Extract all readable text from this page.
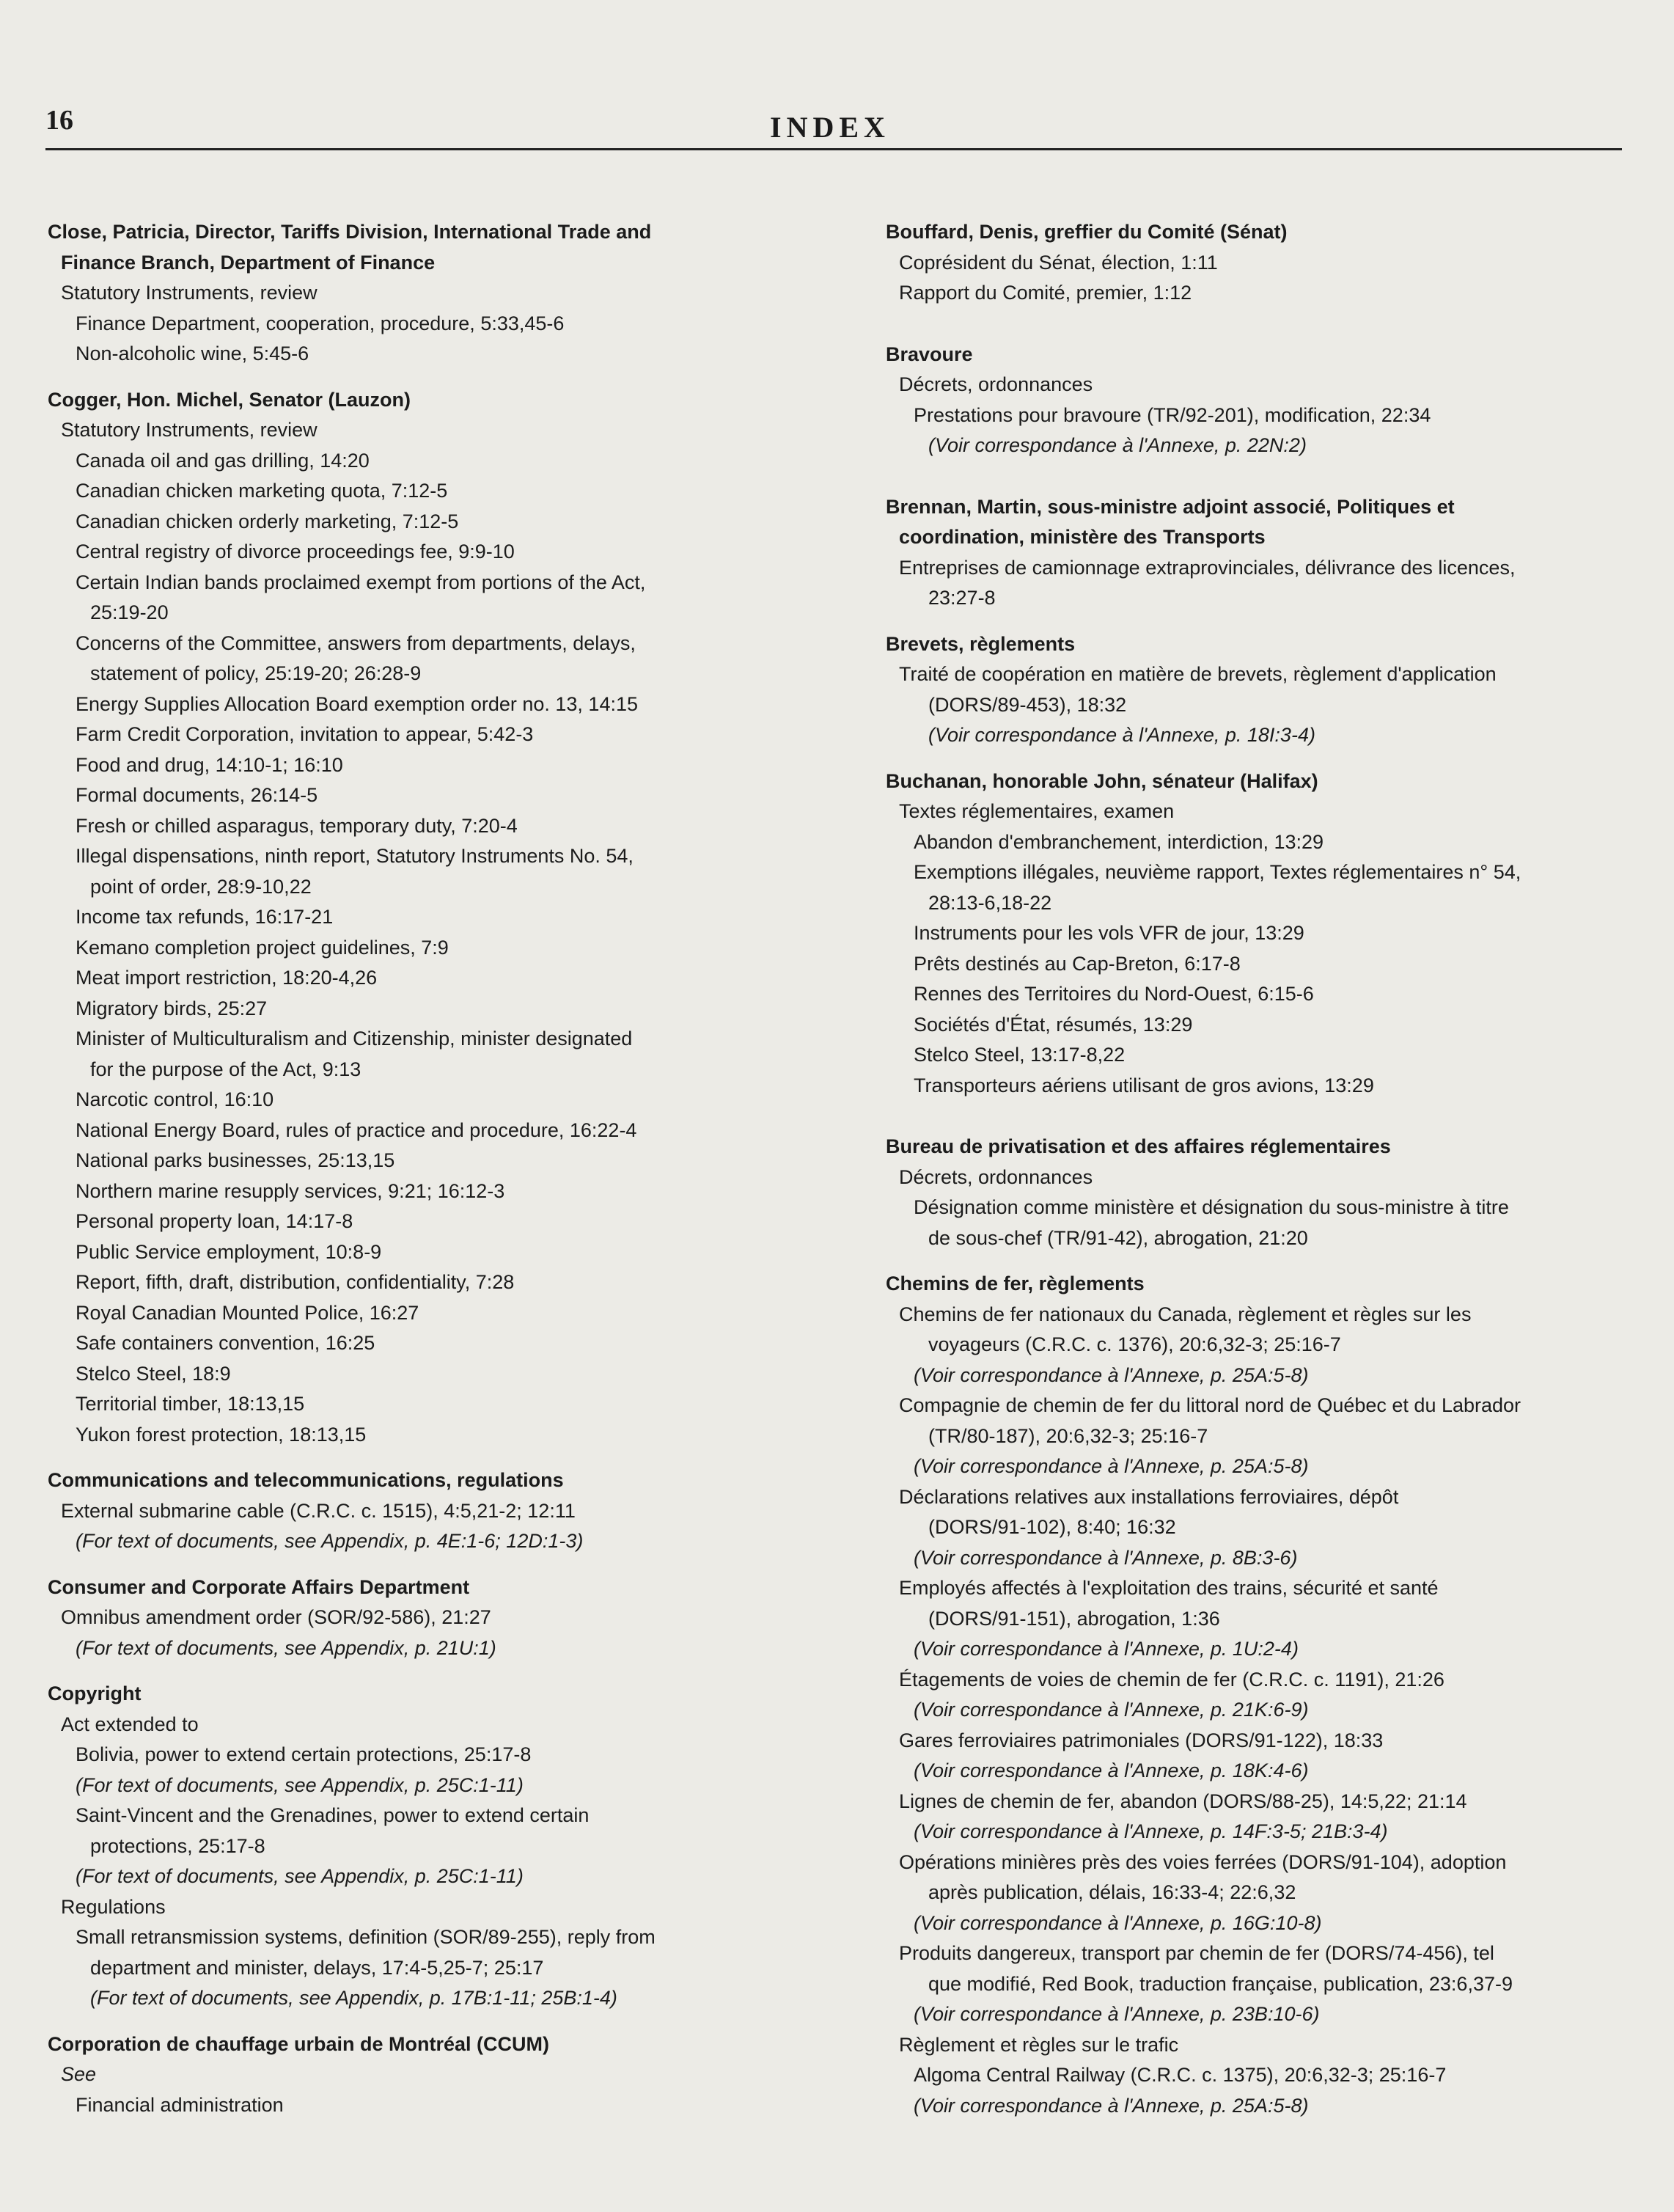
16	INDEX
Close, Patricia, Director, Tariffs Division, International Trade and
Finance Branch, Department of Finance
Statutory Instruments, review
Finance Department, cooperation, procedure, 5:33,45-6
Non-alcoholic wine, 5:45-6
Cogger, Hon. Michel, Senator (Lauzon)
Statutory Instruments, review
Canada oil and gas drilling, 14:20
Canadian chicken marketing quota, 7:12-5
Canadian chicken orderly marketing, 7:12-5
Central registry of divorce proceedings fee, 9:9-10
Certain Indian bands proclaimed exempt from portions of the Act,
25:19-20
Concerns of the Committee, answers from departments, delays,
statement of policy, 25:19-20; 26:28-9
Energy Supplies Allocation Board exemption order no. 13, 14:15
Farm Credit Corporation, invitation to appear, 5:42-3
Food and drug, 14:10-1; 16:10
Formal documents, 26:14-5
Fresh or chilled asparagus, temporary duty, 7:20-4
Illegal dispensations, ninth report, Statutory Instruments No. 54,
point of order, 28:9-10,22
Income tax refunds, 16:17-21
Kemano completion project guidelines, 7:9
Meat import restriction, 18:20-4,26
Migratory birds, 25:27
Minister of Multiculturalism and Citizenship, minister designated
for the purpose of the Act, 9:13
Narcotic control, 16:10
National Energy Board, rules of practice and procedure, 16:22-4
National parks businesses, 25:13,15
Northern marine resupply services, 9:21; 16:12-3
Personal property loan, 14:17-8
Public Service employment, 10:8-9
Report, fifth, draft, distribution, confidentiality, 7:28
Royal Canadian Mounted Police, 16:27
Safe containers convention, 16:25
Stelco Steel, 18:9
Territorial timber, 18:13,15
Yukon forest protection, 18:13,15
Communications and telecommunications, regulations
External submarine cable (C.R.C. c. 1515), 4:5,21-2; 12:11
(For text of documents, see Appendix, p. 4E:1-6; 12D:1-3)
Consumer and Corporate Affairs Department
Omnibus amendment order (SOR/92-586), 21:27
(For text of documents, see Appendix, p. 21U:1)
Copyright
Act extended to
Bolivia, power to extend certain protections, 25:17-8
(For text of documents, see Appendix, p. 25C:1-11)
Saint-Vincent and the Grenadines, power to extend certain
protections, 25:17-8
(For text of documents, see Appendix, p. 25C:1-11)
Regulations
Small retransmission systems, definition (SOR/89-255), reply from
department and minister, delays, 17:4-5,25-7; 25:17
(For text of documents, see Appendix, p. 17B:1-11; 25B:1-4)
Corporation de chauffage urbain de Montréal (CCUM)
See
Financial administration
Bouffard, Denis, greffier du Comité (Sénat)
Coprésident du Sénat, élection, 1:11
Rapport du Comité, premier, 1:12
Bravoure
Décrets, ordonnances
Prestations pour bravoure (TR/92-201), modification, 22:34
(Voir correspondance à l'Annexe, p. 22N:2)
Brennan, Martin, sous-ministre adjoint associé, Politiques et
coordination, ministère des Transports
Entreprises de camionnage extraprovinciales, délivrance des licences,
23:27-8
Brevets, règlements
Traité de coopération en matière de brevets, règlement d'application
(DORS/89-453), 18:32
(Voir correspondance à l'Annexe, p. 18I:3-4)
Buchanan, honorable John, sénateur (Halifax)
Textes réglementaires, examen
Abandon d'embranchement, interdiction, 13:29
Exemptions illégales, neuvième rapport, Textes réglementaires n° 54,
28:13-6,18-22
Instruments pour les vols VFR de jour, 13:29
Prêts destinés au Cap-Breton, 6:17-8
Rennes des Territoires du Nord-Ouest, 6:15-6
Sociétés d'État, résumés, 13:29
Stelco Steel, 13:17-8,22
Transporteurs aériens utilisant de gros avions, 13:29
Bureau de privatisation et des affaires réglementaires
Décrets, ordonnances
Désignation comme ministère et désignation du sous-ministre à titre
de sous-chef (TR/91-42), abrogation, 21:20
Chemins de fer, règlements
Chemins de fer nationaux du Canada, règlement et règles sur les
voyageurs (C.R.C. c. 1376), 20:6,32-3; 25:16-7
(Voir correspondance à l'Annexe, p. 25A:5-8)
Compagnie de chemin de fer du littoral nord de Québec et du Labrador
(TR/80-187), 20:6,32-3; 25:16-7
(Voir correspondance à l'Annexe, p. 25A:5-8)
Déclarations relatives aux installations ferroviaires, dépôt
(DORS/91-102), 8:40; 16:32
(Voir correspondance à l'Annexe, p. 8B:3-6)
Employés affectés à l'exploitation des trains, sécurité et santé
(DORS/91-151), abrogation, 1:36
(Voir correspondance à l'Annexe, p. 1U:2-4)
Étagements de voies de chemin de fer (C.R.C. c. 1191), 21:26
(Voir correspondance à l'Annexe, p. 21K:6-9)
Gares ferroviaires patrimoniales (DORS/91-122), 18:33
(Voir correspondance à l'Annexe, p. 18K:4-6)
Lignes de chemin de fer, abandon (DORS/88-25), 14:5,22; 21:14
(Voir correspondance à l'Annexe, p. 14F:3-5; 21B:3-4)
Opérations minières près des voies ferrées (DORS/91-104), adoption
après publication, délais, 16:33-4; 22:6,32
(Voir correspondance à l'Annexe, p. 16G:10-8)
Produits dangereux, transport par chemin de fer (DORS/74-456), tel
que modifié, Red Book, traduction française, publication, 23:6,37-9
(Voir correspondance à l'Annexe, p. 23B:10-6)
Règlement et règles sur le trafic
Algoma Central Railway (C.R.C. c. 1375), 20:6,32-3; 25:16-7
(Voir correspondance à l'Annexe, p. 25A:5-8)
